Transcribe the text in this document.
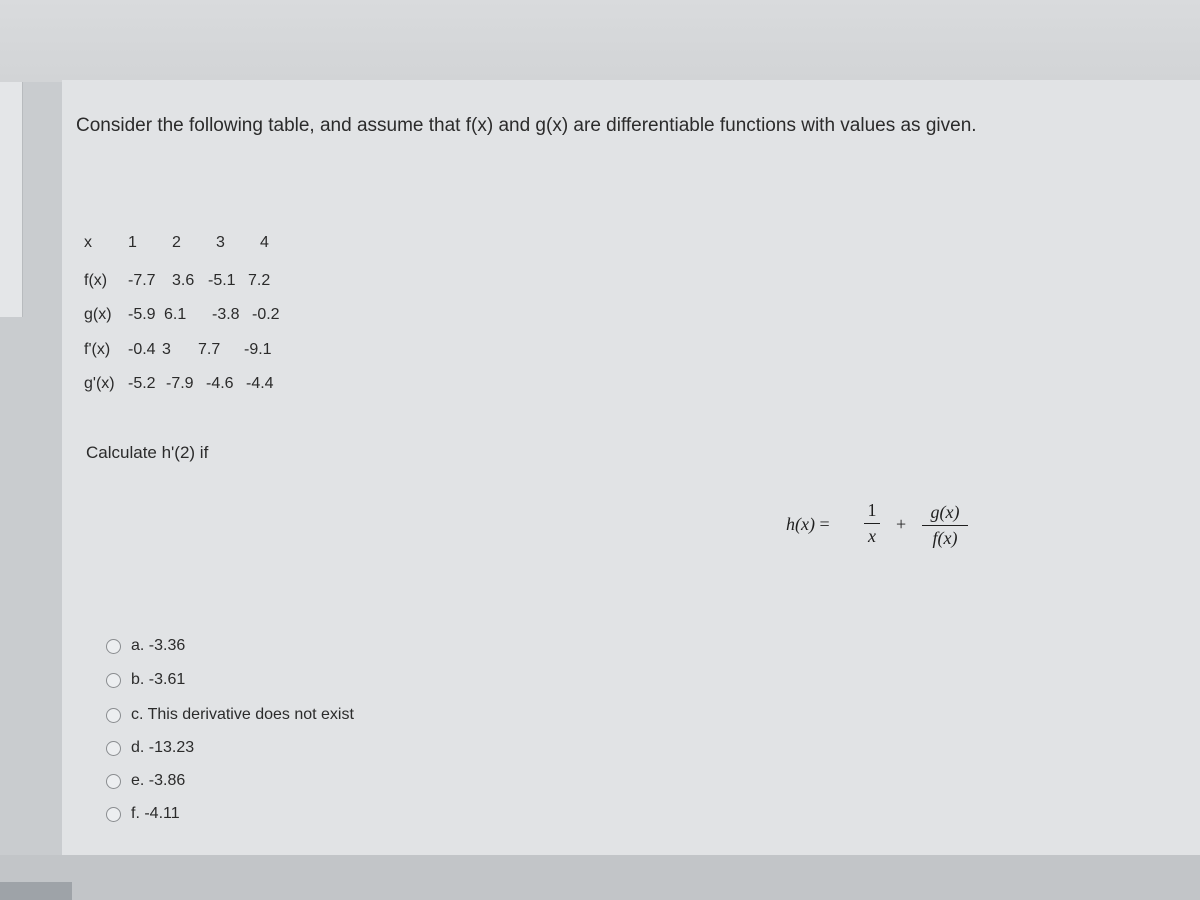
Consider the following table, and assume that f(x) and g(x) are differentiable functions with values as given.
x 1 2 3 4
f(x) -7.7 3.6 -5.1 7.2
g(x) -5.9 6.1 -3.8 -0.2
f'(x) -0.4 3 7.7 -9.1
g'(x) -5.2 -7.9 -4.6 -4.4
Calculate h'(2) if
h(x) =
1
x
+
g(x)
f(x)
a. -3.36
b. -3.61
c. This derivative does not exist
d. -13.23
e. -3.86
f. -4.11
